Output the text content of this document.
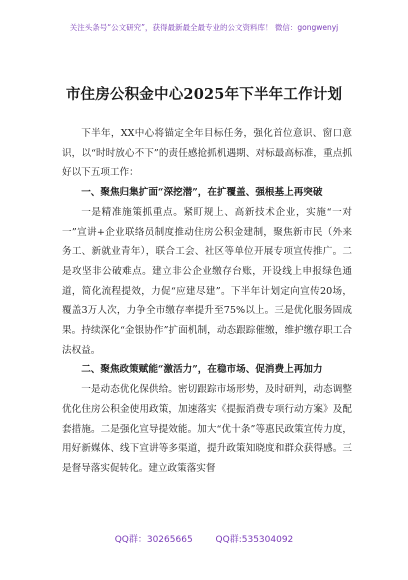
关注头条号“公文研究”，获得最新最全最专业的公文资料库！ 微信：gongwenyj
市住房公积金中心2025年下半年工作计划

下半年，XX中心将锚定全年目标任务，强化首位意识、窗口意识，以“时时放心不下”的责任感抢抓机遇期、对标最高标准，重点抓好以下五项工作：

一、聚焦归集扩面“深挖潜”，在扩覆盖、强根基上再突破

一是精准施策抓重点。紧盯规上、高新技术企业，实施“一对一”宣讲+企业联络员制度推动住房公积金建制，聚焦新市民（外来务工、新就业青年），联合工会、社区等单位开展专项宣传推广。二是攻坚非公破难点。建立非公企业缴存台账，开设线上申报绿色通道，简化流程提效，力促“应建尽建”。下半年计划定向宣传20场，覆盖3万人次，力争全市缴存率提升至75%以上。三是优化服务固成果。持续深化“金银协作”扩面机制，动态跟踪催缴，维护缴存职工合法权益。

二、聚焦政策赋能“激活力”，在稳市场、促消费上再加力

一是动态优化保供给。密切跟踪市场形势，及时研判，动态调整优化住房公积金使用政策，加速落实《提振消费专项行动方案》及配套措施。二是强化宣导提效能。加大“优十条”等惠民政策宣传力度，用好新媒体、线下宣讲等多渠道，提升政策知晓度和群众获得感。三是督导落实促转化。建立政策落实督

QQ群：30265665	QQ群:535304092
